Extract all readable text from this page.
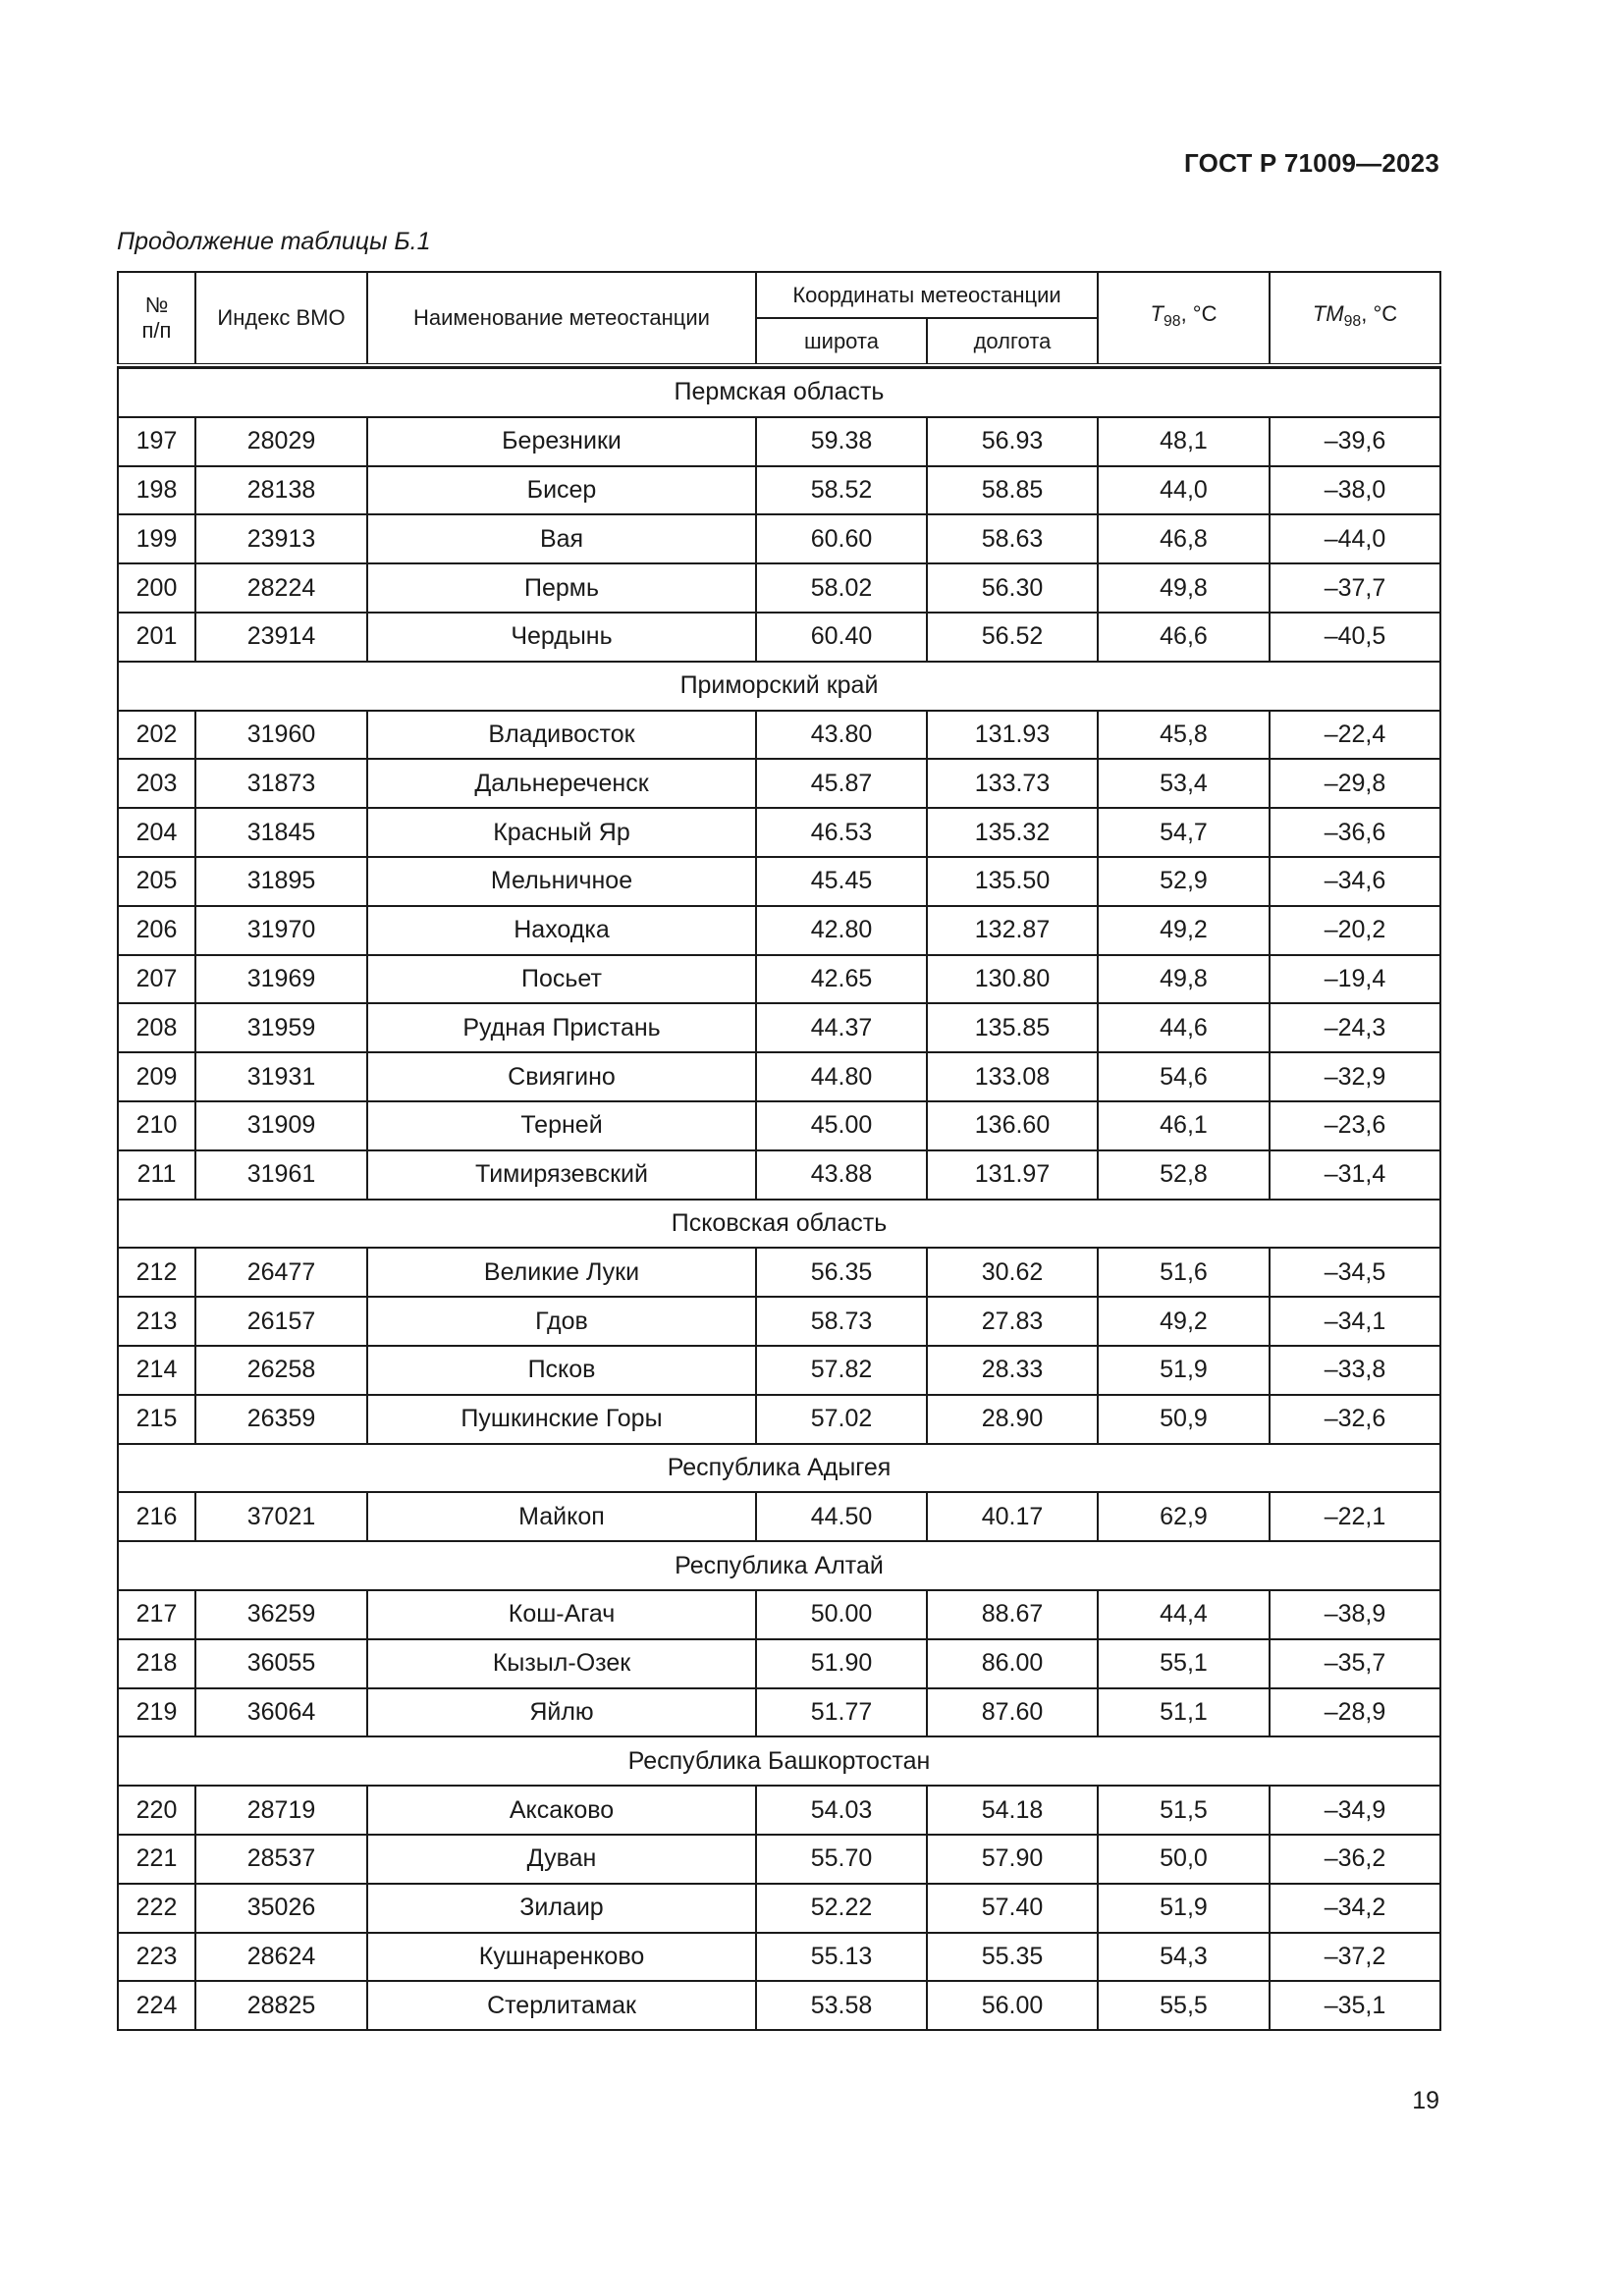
ГОСТ Р 71009—2023
Продолжение таблицы Б.1
№
п/п	Индекс ВМО	Наименование метеостанции	Координаты метеостанции		$T_{98}$, °С	$TM_{98}$, °С
			широта	долгота		

Пермская область						
197	28029	Березники	59.38	56.93	48,1	–39,6
198	28138	Бисер	58.52	58.85	44,0	–38,0
199	23913	Вая	60.60	58.63	46,8	–44,0
200	28224	Пермь	58.02	56.30	49,8	–37,7
201	23914	Чердынь	60.40	56.52	46,6	–40,5
Приморский край						
202	31960	Владивосток	43.80	131.93	45,8	–22,4
203	31873	Дальнереченск	45.87	133.73	53,4	–29,8
204	31845	Красный Яр	46.53	135.32	54,7	–36,6
205	31895	Мельничное	45.45	135.50	52,9	–34,6
206	31970	Находка	42.80	132.87	49,2	–20,2
207	31969	Посьет	42.65	130.80	49,8	–19,4
208	31959	Рудная Пристань	44.37	135.85	44,6	–24,3
209	31931	Свиягино	44.80	133.08	54,6	–32,9
210	31909	Терней	45.00	136.60	46,1	–23,6
211	31961	Тимирязевский	43.88	131.97	52,8	–31,4
Псковская область						
212	26477	Великие Луки	56.35	30.62	51,6	–34,5
213	26157	Гдов	58.73	27.83	49,2	–34,1
214	26258	Псков	57.82	28.33	51,9	–33,8
215	26359	Пушкинские Горы	57.02	28.90	50,9	–32,6
Республика Адыгея						
216	37021	Майкоп	44.50	40.17	62,9	–22,1
Республика Алтай						
217	36259	Кош-Агач	50.00	88.67	44,4	–38,9
218	36055	Кызыл-Озек	51.90	86.00	55,1	–35,7
219	36064	Яйлю	51.77	87.60	51,1	–28,9
Республика Башкортостан						
220	28719	Аксаково	54.03	54.18	51,5	–34,9
221	28537	Дуван	55.70	57.90	50,0	–36,2
222	35026	Зилаир	52.22	57.40	51,9	–34,2
223	28624	Кушнаренково	55.13	55.35	54,3	–37,2
224	28825	Стерлитамак	53.58	56.00	55,5	–35,1
19
